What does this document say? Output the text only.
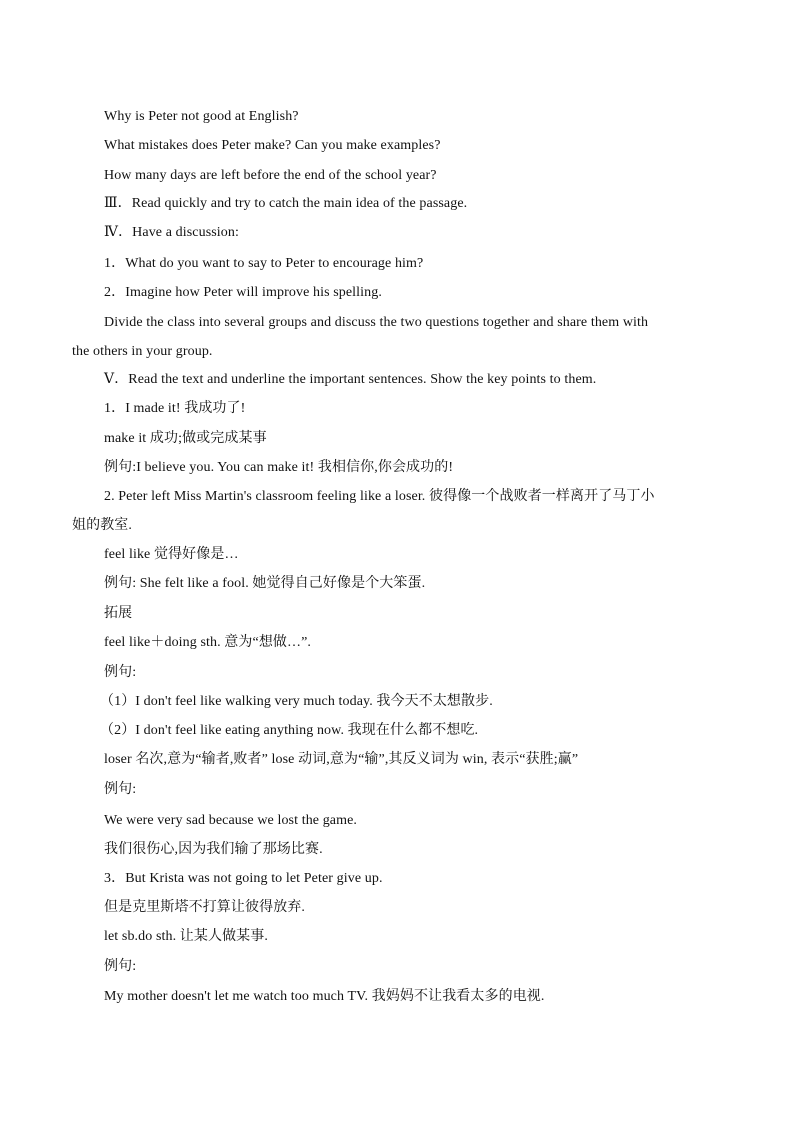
Why is Peter not good at English?
What mistakes does Peter make? Can you make examples?
How many days are left before the end of the school year?
Ⅲ．Read quickly and try to catch the main idea of the passage.
Ⅳ．Have a discussion:
1．What do you want to say to Peter to encourage him?
2．Imagine how Peter will improve his spelling.
Divide the class into several groups and discuss the two questions together and share them with
the others in your group.
Ⅴ．Read the text and underline the important sentences. Show the key points to them.
1．I made it! 我成功了!
make it 成功;做或完成某事
例句:I believe you. You can make it! 我相信你,你会成功的!
2. Peter left Miss Martin's classroom feeling like a loser. 彼得像一个战败者一样离开了马丁小
姐的教室.
feel like 觉得好像是…
例句: She felt like a fool. 她觉得自己好像是个大笨蛋.
拓展
feel like＋doing sth. 意为“想做…”.
例句:
（1）I don't feel like walking very much today. 我今天不太想散步.
（2）I don't feel like eating anything now. 我现在什么都不想吃.
loser 名次,意为“输者,败者” lose 动词,意为“输”,其反义词为 win, 表示“获胜;赢”
例句:
We were very sad because we lost the game.
我们很伤心,因为我们输了那场比赛.
3．But Krista was not going to let Peter give up.
但是克里斯塔不打算让彼得放弃.
let sb.do sth. 让某人做某事.
例句:
My mother doesn't let me watch too much TV. 我妈妈不让我看太多的电视.
